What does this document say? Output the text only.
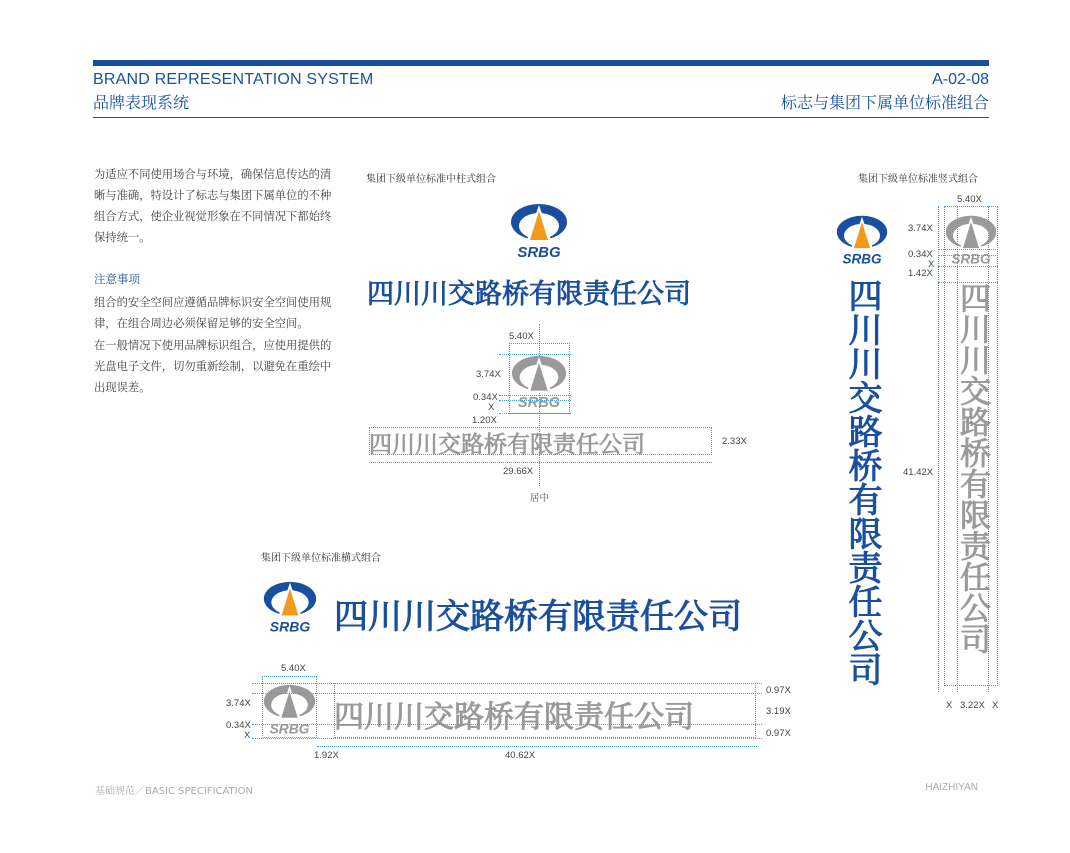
BRAND REPRESENTATION SYSTEM
品牌表现系统
A-02-08
标志与集团下属单位标准组合
为适应不同使用场合与环境，确保信息传达的清晰与准确，特设计了标志与集团下属单位的不种组合方式，使企业视觉形象在不同情况下都始终保持统一。
注意事项
组合的安全空间应遵循品牌标识安全空间使用规律，在组合周边必须保留足够的安全空间。
在一般情况下使用品牌标识组合，应使用提供的光盘电子文件，切勿重新绘制，以避免在重绘中出现误差。
集团下级单位标准中柱式组合
四川川交路桥有限责任公司
四川川交路桥有限责任公司
5.40X
3.74X
0.34X
X
1.20X
2.33X
29.66X
居中
集团下级单位标准横式组合
四川川交路桥有限责任公司
四川川交路桥有限责任公司
5.40X
3.74X
0.34X
X
0.97X
3.19X
0.97X
1.92X	40.62X
集团下级单位标准竖式组合
四川川交路桥有限责任公司 四川川交路桥有限责任公司
5.40X
3.74X
0.34X
X
1.42X
41.42X
X 3.22X X
基础规范／BASIC SPECIFICATION	HAIZHIYAN
